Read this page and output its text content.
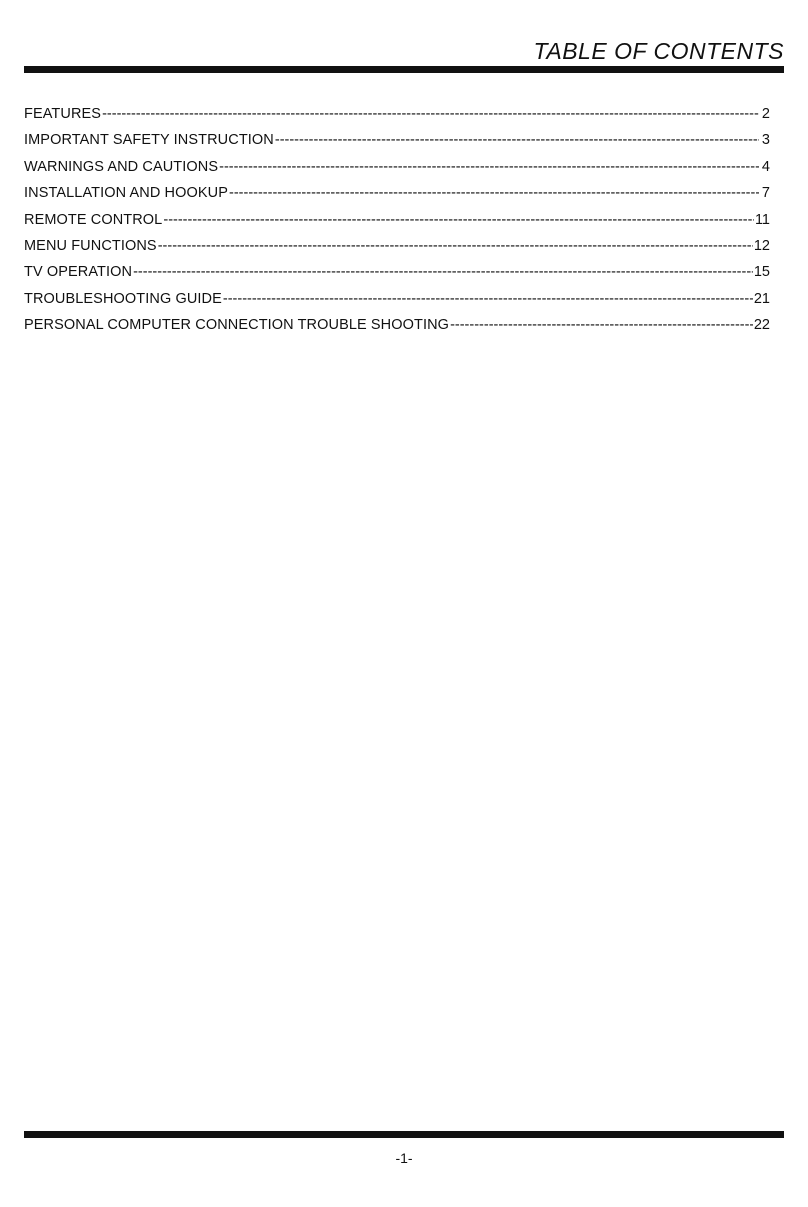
TABLE OF CONTENTS
FEATURES -----	2
IMPORTANT SAFETY INSTRUCTION -----	3
WARNINGS AND CAUTIONS -----	4
INSTALLATION AND HOOKUP -----	7
REMOTE CONTROL -----	11
MENU FUNCTIONS -----	12
TV OPERATION -----	15
TROUBLESHOOTING GUIDE -----	21
PERSONAL COMPUTER CONNECTION TROUBLE SHOOTING -----	22
-1-
